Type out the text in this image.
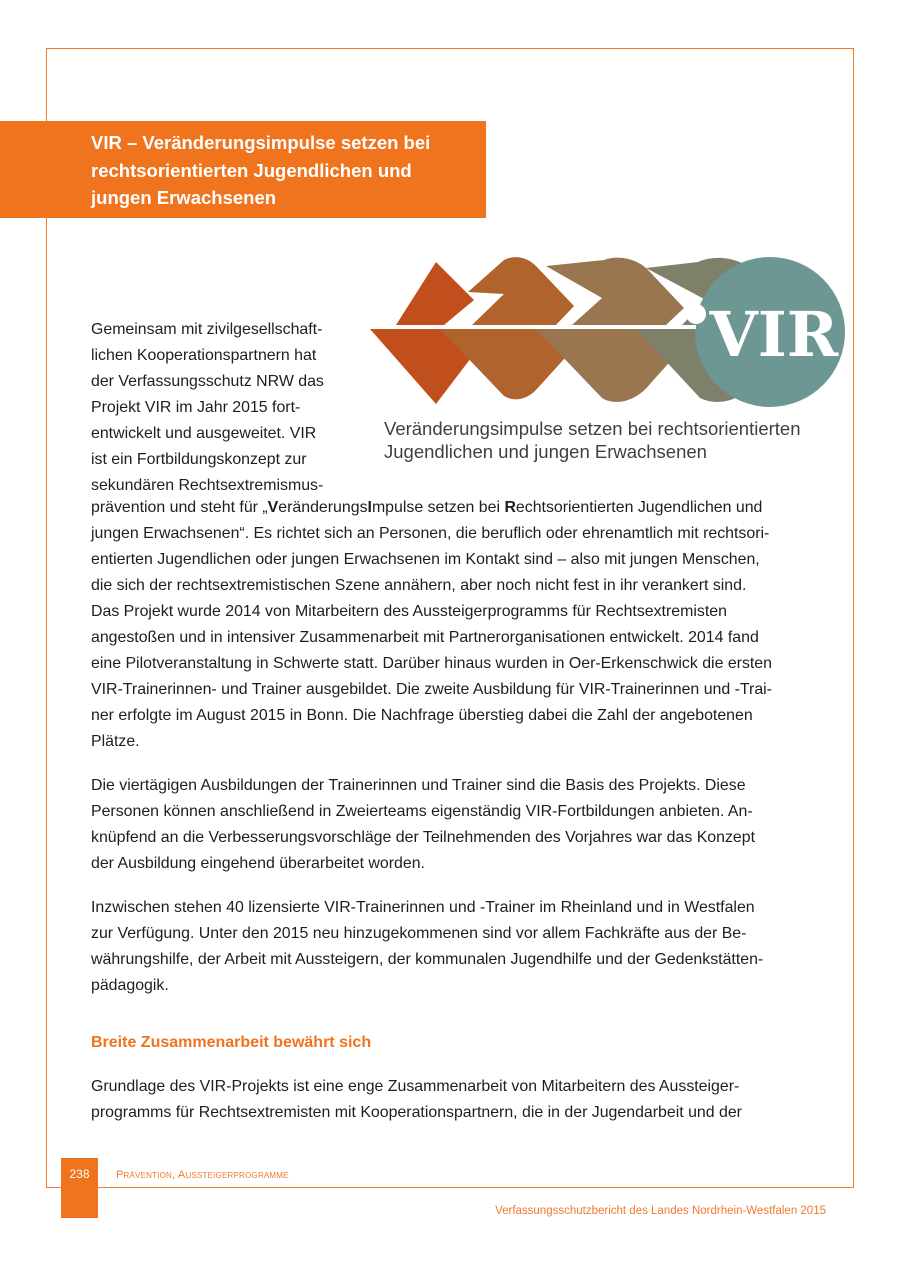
VIR – Veränderungsimpulse setzen bei
rechtsorientierten Jugendlichen und
jungen Erwachsenen
VIR
Veränderungsimpulse setzen bei rechtsorientierten
Jugendlichen und jungen Erwachsenen
Gemeinsam mit zivilgesellschaft-
lichen Kooperationspartnern hat
der Verfassungsschutz NRW das
Projekt VIR im Jahr 2015 fort-
entwickelt und ausgeweitet. VIR
ist ein Fortbildungskonzept zur
sekundären Rechtsextremismus-
prävention und steht für „VeränderungsImpulse setzen bei Rechtsorientierten Jugendlichen und
jungen Erwachsenen“. Es richtet sich an Personen, die beruflich oder ehrenamtlich mit rechtsori-
entierten Jugendlichen oder jungen Erwachsenen im Kontakt sind – also mit jungen Menschen,
die sich der rechtsextremistischen Szene annähern, aber noch nicht fest in ihr verankert sind.
Das Projekt wurde 2014 von Mitarbeitern des Aussteigerprogramms für Rechtsextremisten
angestoßen und in intensiver Zusammenarbeit mit Partnerorganisationen entwickelt. 2014 fand
eine Pilotveranstaltung in Schwerte statt. Darüber hinaus wurden in Oer-Erkenschwick die ersten
VIR-Trainerinnen- und Trainer ausgebildet. Die zweite Ausbildung für VIR-Trainerinnen und -Trai-
ner erfolgte im August 2015 in Bonn. Die Nachfrage überstieg dabei die Zahl der angebotenen
Plätze.
Die viertägigen Ausbildungen der Trainerinnen und Trainer sind die Basis des Projekts. Diese
Personen können anschließend in Zweierteams eigenständig VIR-Fortbildungen anbieten. An-
knüpfend an die Verbesserungsvorschläge der Teilnehmenden des Vorjahres war das Konzept
der Ausbildung eingehend überarbeitet worden.
Inzwischen stehen 40 lizensierte VIR-Trainerinnen und -Trainer im Rheinland und in Westfalen
zur Verfügung. Unter den 2015 neu hinzugekommenen sind vor allem Fachkräfte aus der Be-
währungshilfe, der Arbeit mit Aussteigern, der kommunalen Jugendhilfe und der Gedenkstätten-
pädagogik.
Breite Zusammenarbeit bewährt sich
Grundlage des VIR-Projekts ist eine enge Zusammenarbeit von Mitarbeitern des Aussteiger-
programms für Rechtsextremisten mit Kooperationspartnern, die in der Jugendarbeit und der
238	Prävention, Aussteigerprogramme
Verfassungsschutzbericht des Landes Nordrhein-Westfalen 2015
